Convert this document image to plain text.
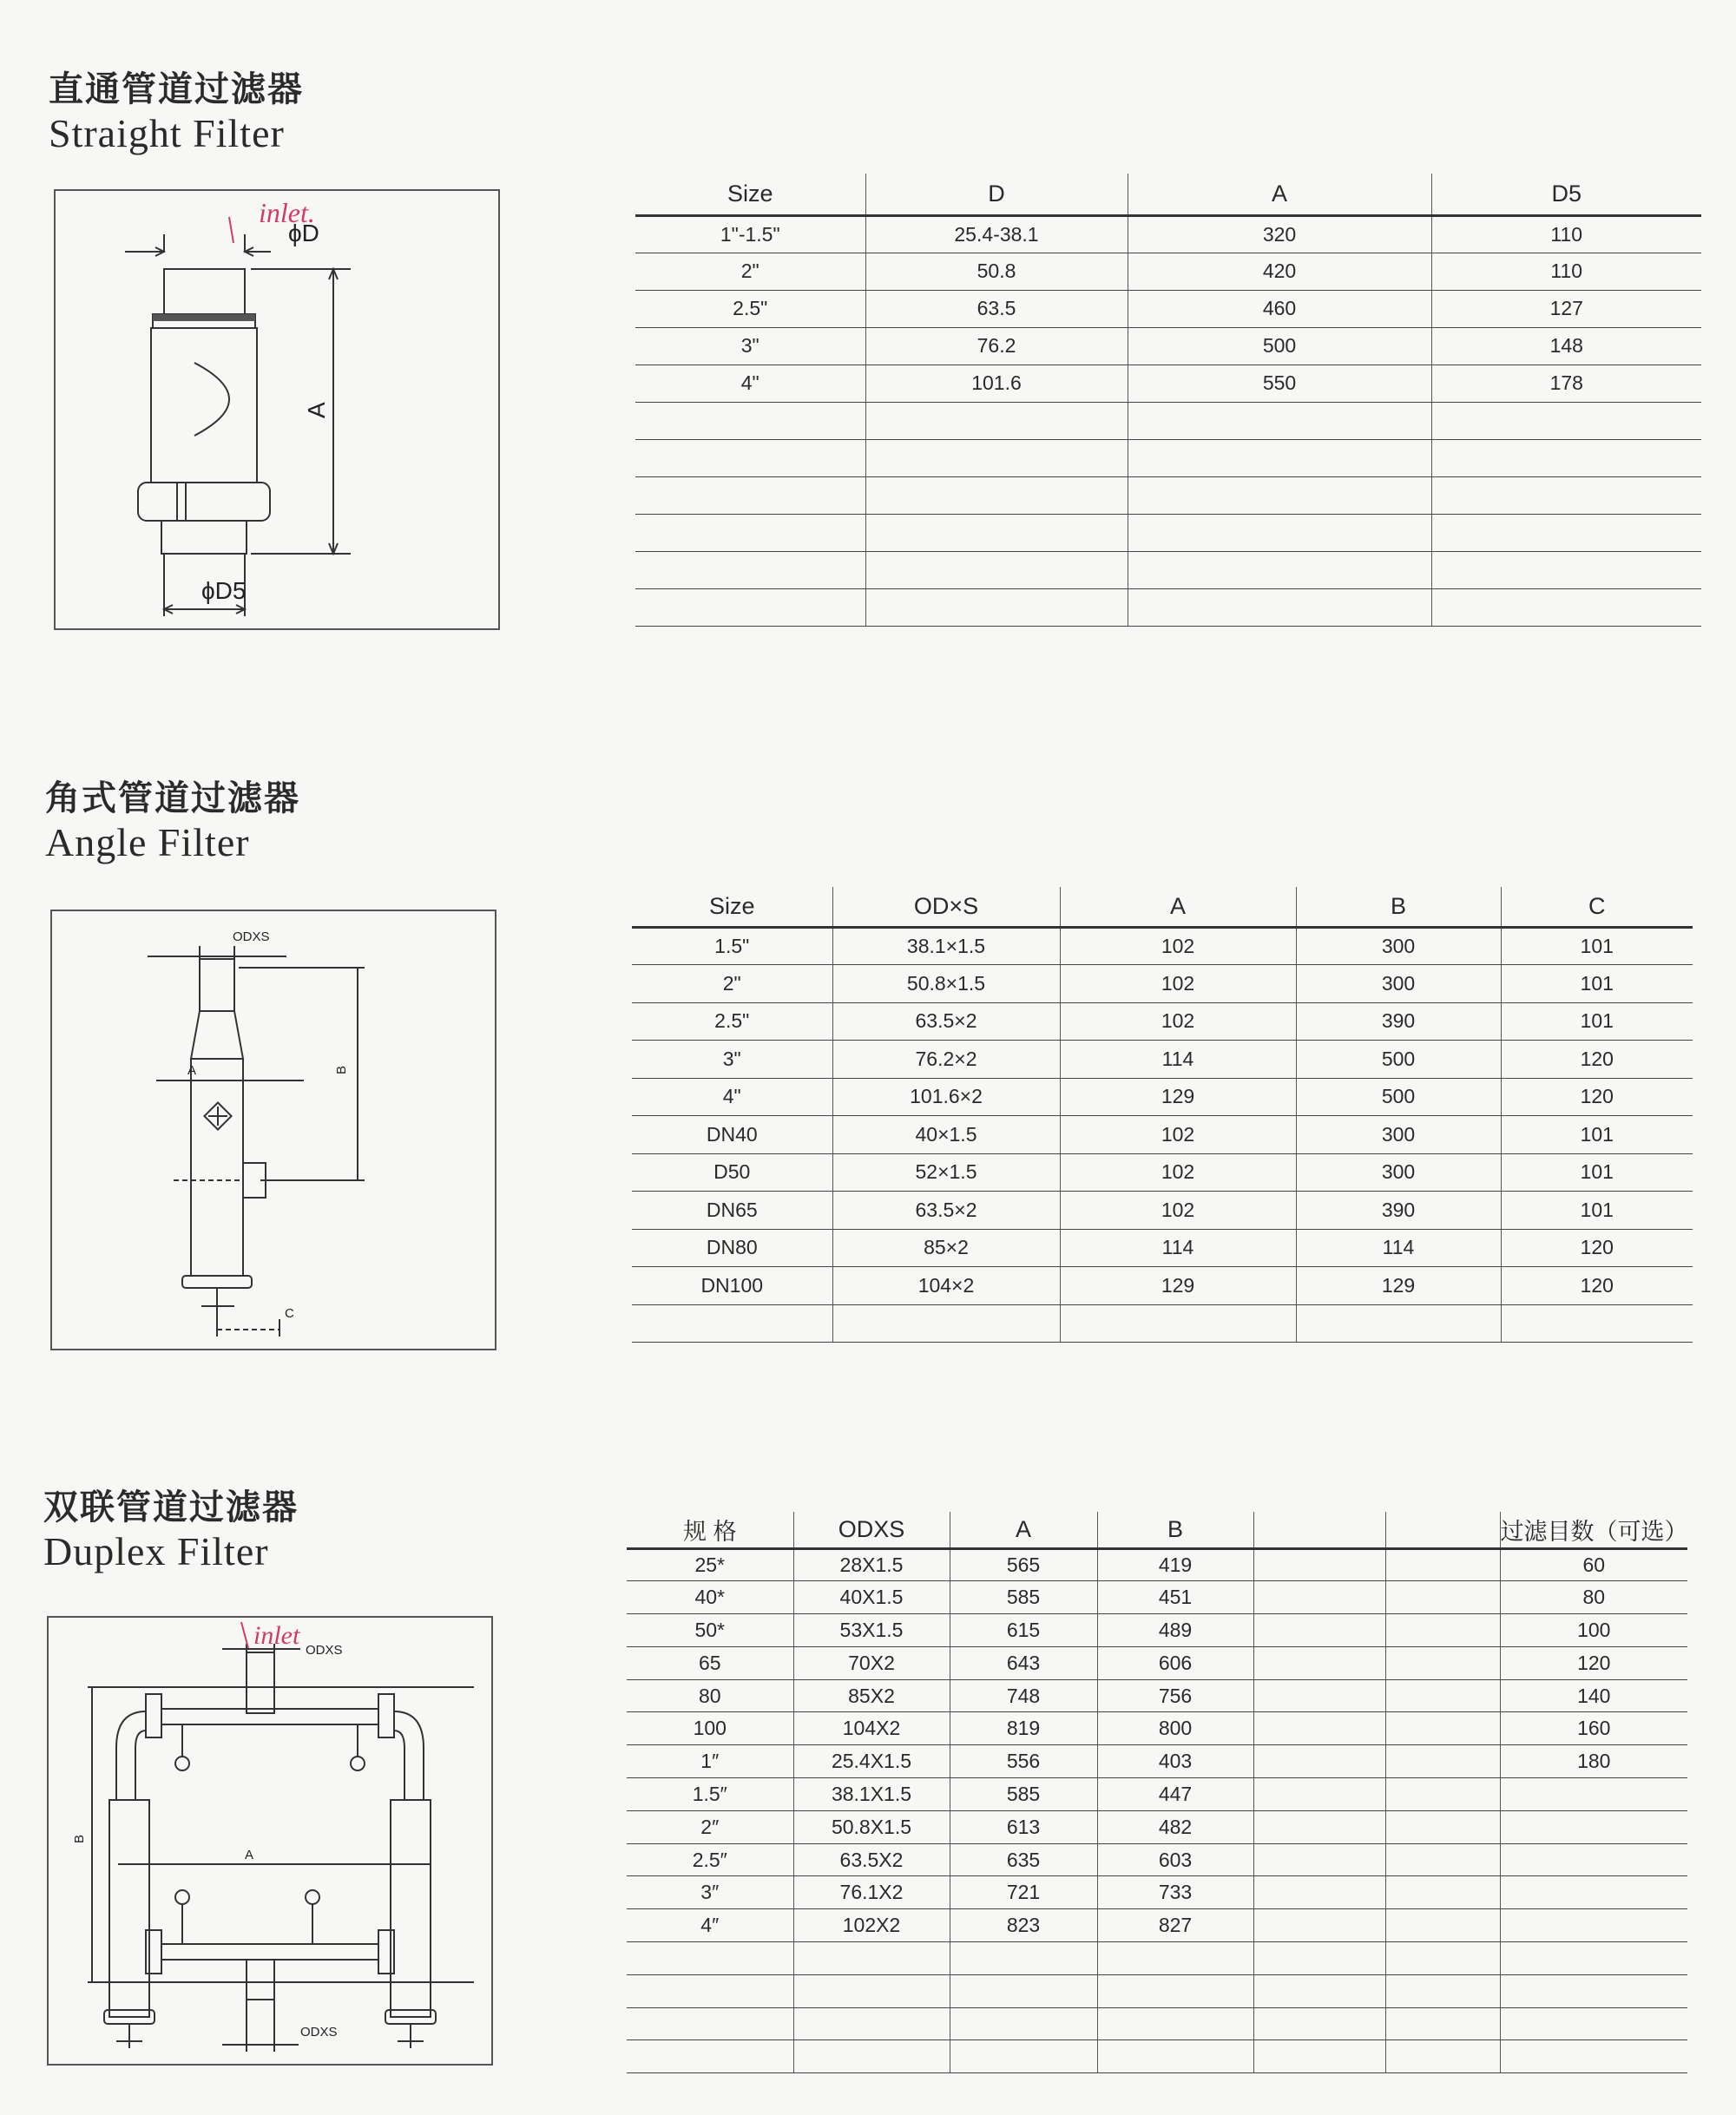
直通管道过滤器
Straight Filter
inlet.
ϕD
A
ϕD5
Size	D	A	D5
1"-1.5"	25.4-38.1	320	110
2"	50.8	420	110
2.5"	63.5	460	127
3"	76.2	500	148
4"	101.6	550	178

角式管道过滤器
Angle Filter
ODXS
A	B
C
Size	OD×S	A	B	C
1.5"	38.1×1.5	102	300	101
2"	50.8×1.5	102	300	101
2.5"	63.5×2	102	390	101
3"	76.2×2	114	500	120
4"	101.6×2	129	500	120
DN40	40×1.5	102	300	101
D50	52×1.5	102	300	101
DN65	63.5×2	102	390	101
DN80	85×2	114	114	120
DN100	104×2	129	129	120

双联管道过滤器
Duplex Filter
inlet
ODXS
ODXS
A
B
规 格	ODXS	A	B			过滤目数（可选）
25*	28X1.5	565	419			60
40*	40X1.5	585	451			80
50*	53X1.5	615	489			100
65	70X2	643	606			120
80	85X2	748	756			140
100	104X2	819	800			160
1″	25.4X1.5	556	403			180
1.5″	38.1X1.5	585	447			
2″	50.8X1.5	613	482			
2.5″	63.5X2	635	603			
3″	76.1X2	721	733			
4″	102X2	823	827			
